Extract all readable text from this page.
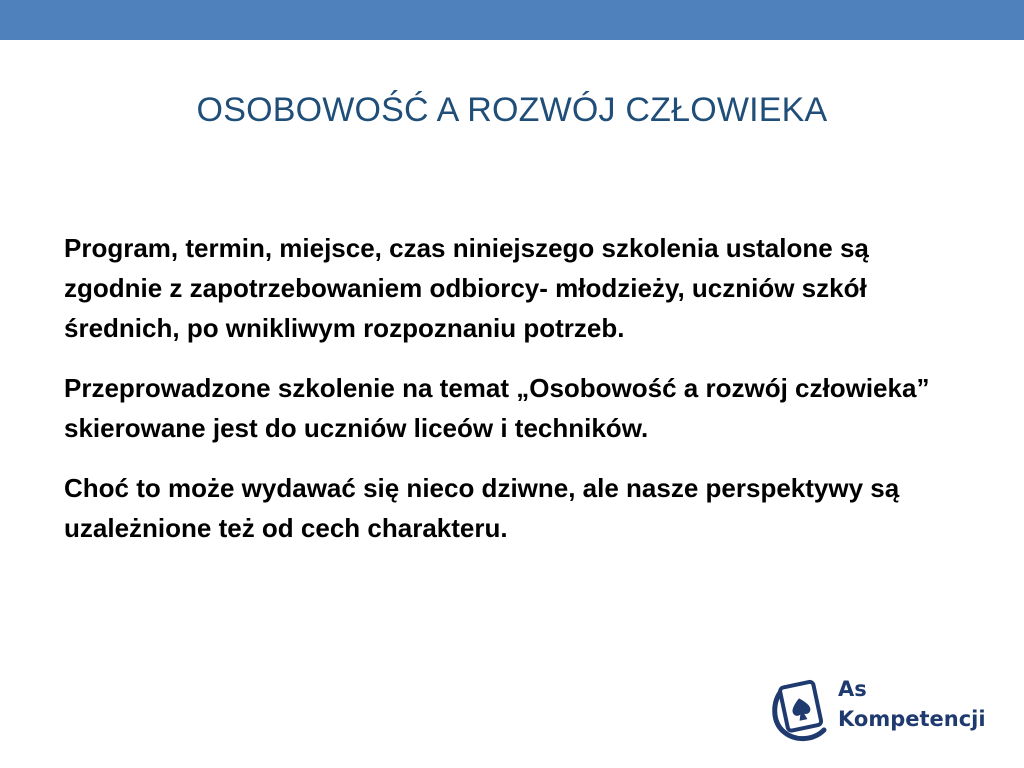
OSOBOWOŚĆ A ROZWÓJ CZŁOWIEKA

Program, termin, miejsce, czas niniejszego szkolenia ustalone są zgodnie z zapotrzebowaniem odbiorcy- młodzieży, uczniów szkół średnich, po wnikliwym rozpoznaniu potrzeb.

Przeprowadzone szkolenie na temat „Osobowość a rozwój człowieka” skierowane jest do uczniów liceów i techników.

Choć to może wydawać się nieco dziwne, ale nasze perspektywy są uzależnione też od cech charakteru.

As
Kompetencji
